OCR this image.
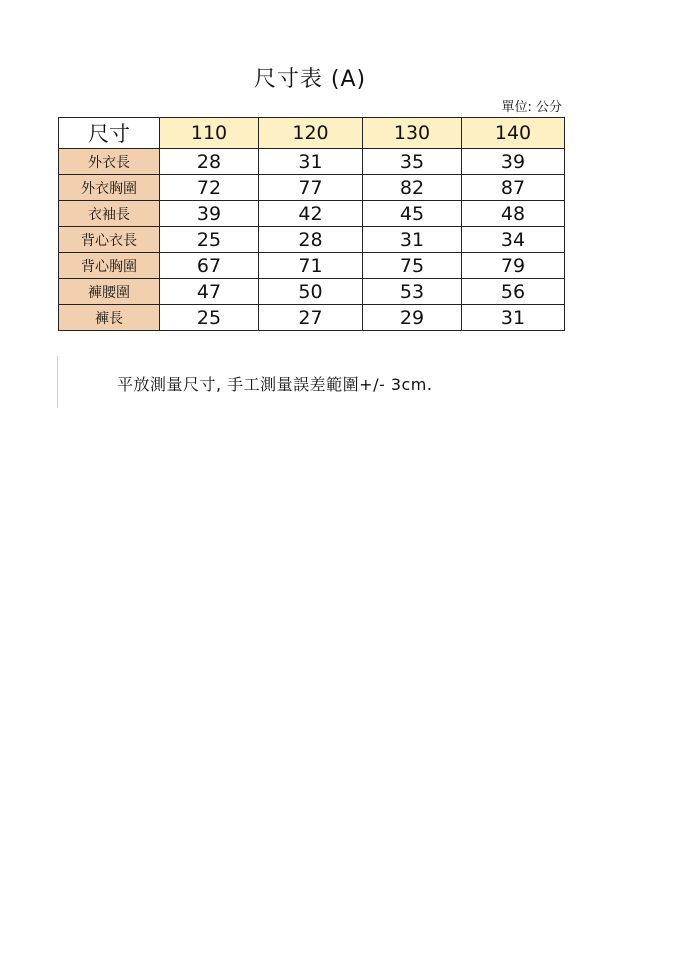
尺寸表 (A)
單位: 公分
尺寸	110	120	130	140
外衣長	28	31	35	39
外衣胸圍	72	77	82	87
衣袖長	39	42	45	48
背心衣長	25	28	31	34
背心胸圍	67	71	75	79
褲腰圍	47	50	53	56
褲長	25	27	29	31
平放測量尺寸, 手工測量誤差範圍+/- 3cm.
